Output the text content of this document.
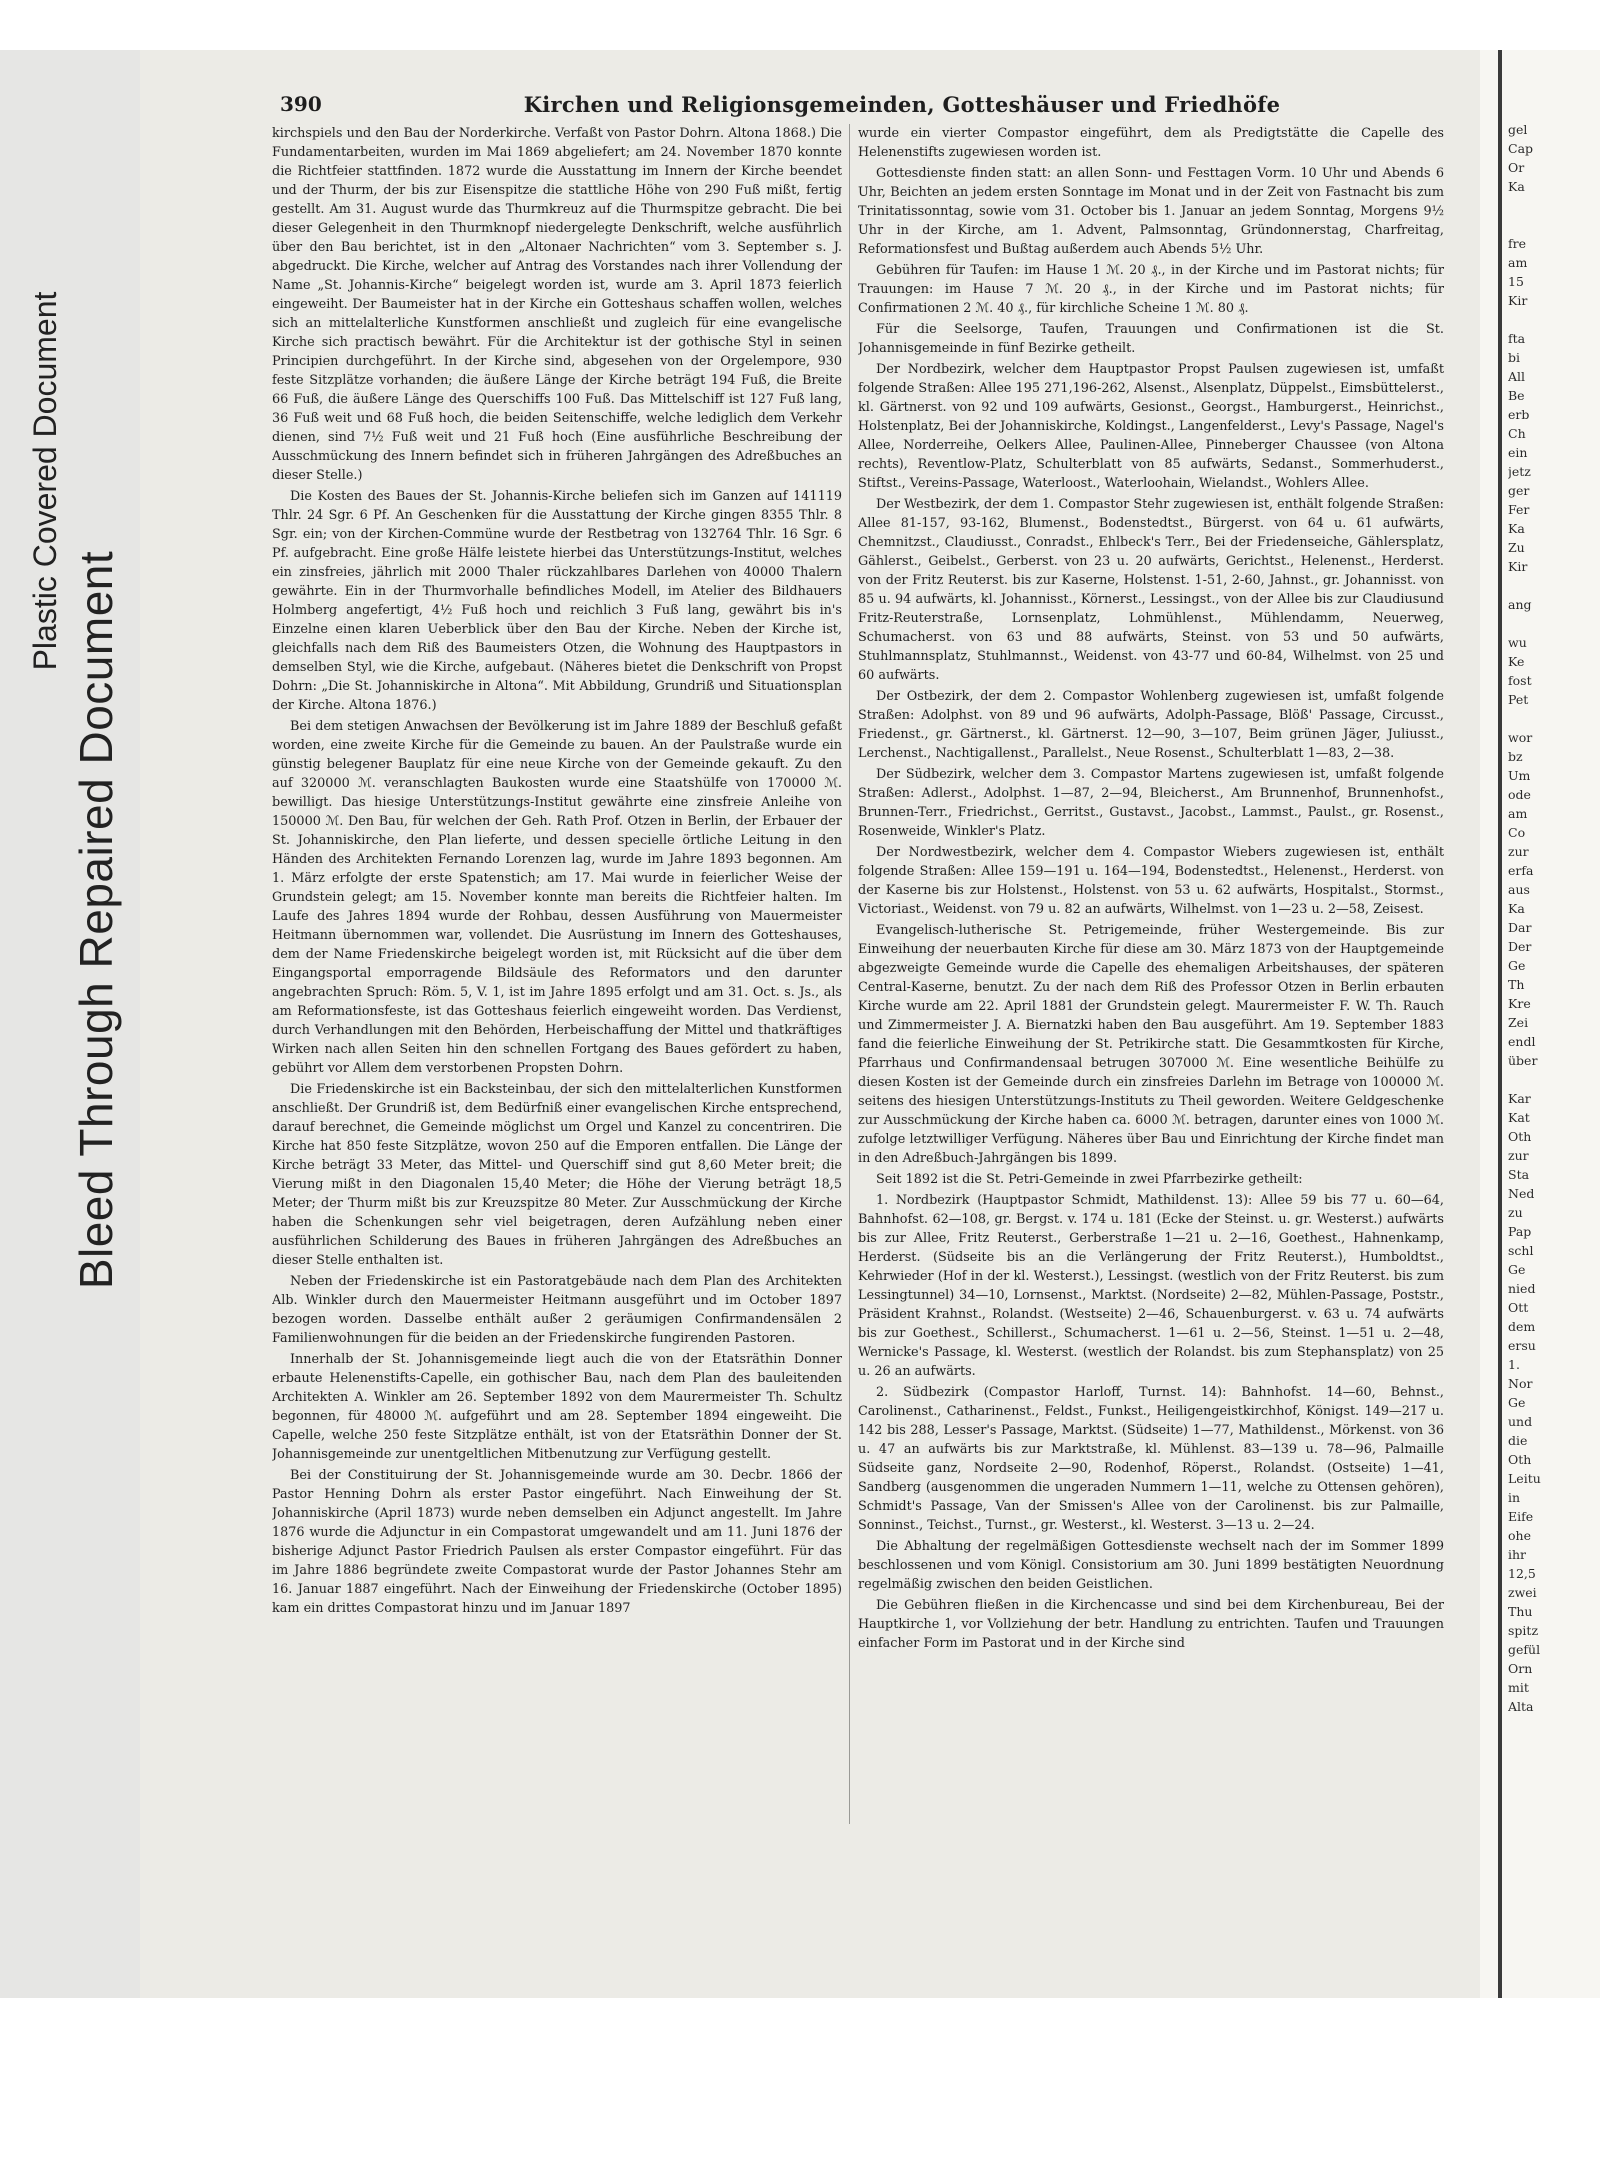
Bleed Through Repaired Document
Plastic Covered Document
390	Kirchen und Religionsgemeinden, Gotteshäuser und Friedhöfe

kirchspiels und den Bau der Norderkirche. Verfaßt von Pastor Dohrn. Altona 1868.) Die Fundamentarbeiten, wurden im Mai 1869 abgeliefert; am 24. November 1870 konnte die Richtfeier stattfinden. 1872 wurde die Ausstattung im Innern der Kirche beendet und der Thurm, der bis zur Eisenspitze die stattliche Höhe von 290 Fuß mißt, fertig gestellt. Am 31. August wurde das Thurmkreuz auf die Thurmspitze gebracht. Die bei dieser Gelegenheit in den Thurmknopf niedergelegte Denkschrift, welche ausführlich über den Bau berichtet, ist in den „Altonaer Nachrichten“ vom 3. September s. J. abgedruckt. Die Kirche, welcher auf Antrag des Vorstandes nach ihrer Vollendung der Name „St. Johannis-Kirche“ beigelegt worden ist, wurde am 3. April 1873 feierlich eingeweiht. Der Baumeister hat in der Kirche ein Gotteshaus schaffen wollen, welches sich an mittelalterliche Kunstformen anschließt und zugleich für eine evangelische Kirche sich practisch bewährt. Für die Architektur ist der gothische Styl in seinen Principien durchgeführt. In der Kirche sind, abgesehen von der Orgelempore, 930 feste Sitzplätze vorhanden; die äußere Länge der Kirche beträgt 194 Fuß, die Breite 66 Fuß, die äußere Länge des Querschiffs 100 Fuß. Das Mittelschiff ist 127 Fuß lang, 36 Fuß weit und 68 Fuß hoch, die beiden Seitenschiffe, welche lediglich dem Verkehr dienen, sind 7½ Fuß weit und 21 Fuß hoch (Eine ausführliche Beschreibung der Ausschmückung des Innern befindet sich in früheren Jahrgängen des Adreßbuches an dieser Stelle.)

Die Kosten des Baues der St. Johannis-Kirche beliefen sich im Ganzen auf 141119 Thlr. 24 Sgr. 6 Pf. An Geschenken für die Ausstattung der Kirche gingen 8355 Thlr. 8 Sgr. ein; von der Kirchen-Commüne wurde der Restbetrag von 132764 Thlr. 16 Sgr. 6 Pf. aufgebracht. Eine große Hälfe leistete hierbei das Unterstützungs-Institut, welches ein zinsfreies, jährlich mit 2000 Thaler rückzahlbares Darlehen von 40000 Thalern gewährte. Ein in der Thurmvorhalle befindliches Modell, im Atelier des Bildhauers Holmberg angefertigt, 4½ Fuß hoch und reichlich 3 Fuß lang, gewährt bis in's Einzelne einen klaren Ueberblick über den Bau der Kirche. Neben der Kirche ist, gleichfalls nach dem Riß des Baumeisters Otzen, die Wohnung des Hauptpastors in demselben Styl, wie die Kirche, aufgebaut. (Näheres bietet die Denkschrift von Propst Dohrn: „Die St. Johanniskirche in Altona“. Mit Abbildung, Grundriß und Situationsplan der Kirche. Altona 1876.)

Bei dem stetigen Anwachsen der Bevölkerung ist im Jahre 1889 der Beschluß gefaßt worden, eine zweite Kirche für die Gemeinde zu bauen. An der Paulstraße wurde ein günstig belegener Bauplatz für eine neue Kirche von der Gemeinde gekauft. Zu den auf 320000 ℳ. veranschlagten Baukosten wurde eine Staatshülfe von 170000 ℳ. bewilligt. Das hiesige Unterstützungs-Institut gewährte eine zinsfreie Anleihe von 150000 ℳ. Den Bau, für welchen der Geh. Rath Prof. Otzen in Berlin, der Erbauer der St. Johanniskirche, den Plan lieferte, und dessen specielle örtliche Leitung in den Händen des Architekten Fernando Lorenzen lag, wurde im Jahre 1893 begonnen. Am 1. März erfolgte der erste Spatenstich; am 17. Mai wurde in feierlicher Weise der Grundstein gelegt; am 15. November konnte man bereits die Richtfeier halten. Im Laufe des Jahres 1894 wurde der Rohbau, dessen Ausführung von Mauermeister Heitmann übernommen war, vollendet. Die Ausrüstung im Innern des Gotteshauses, dem der Name Friedenskirche beigelegt worden ist, mit Rücksicht auf die über dem Eingangsportal emporragende Bildsäule des Reformators und den darunter angebrachten Spruch: Röm. 5, V. 1, ist im Jahre 1895 erfolgt und am 31. Oct. s. Js., als am Reformationsfeste, ist das Gotteshaus feierlich eingeweiht worden. Das Verdienst, durch Verhandlungen mit den Behörden, Herbeischaffung der Mittel und thatkräftiges Wirken nach allen Seiten hin den schnellen Fortgang des Baues gefördert zu haben, gebührt vor Allem dem verstorbenen Propsten Dohrn.

Die Friedenskirche ist ein Backsteinbau, der sich den mittelalterlichen Kunstformen anschließt. Der Grundriß ist, dem Bedürfniß einer evangelischen Kirche entsprechend, darauf berechnet, die Gemeinde möglichst um Orgel und Kanzel zu concentriren. Die Kirche hat 850 feste Sitzplätze, wovon 250 auf die Emporen entfallen. Die Länge der Kirche beträgt 33 Meter, das Mittel- und Querschiff sind gut 8,60 Meter breit; die Vierung mißt in den Diagonalen 15,40 Meter; die Höhe der Vierung beträgt 18,5 Meter; der Thurm mißt bis zur Kreuzspitze 80 Meter. Zur Ausschmückung der Kirche haben die Schenkungen sehr viel beigetragen, deren Aufzählung neben einer ausführlichen Schilderung des Baues in früheren Jahrgängen des Adreßbuches an dieser Stelle enthalten ist.

Neben der Friedenskirche ist ein Pastoratgebäude nach dem Plan des Architekten Alb. Winkler durch den Mauermeister Heitmann ausgeführt und im October 1897 bezogen worden. Dasselbe enthält außer 2 geräumigen Confirmandensälen 2 Familienwohnungen für die beiden an der Friedenskirche fungirenden Pastoren.

Innerhalb der St. Johannisgemeinde liegt auch die von der Etatsräthin Donner erbaute Helenenstifts-Capelle, ein gothischer Bau, nach dem Plan des bauleitenden Architekten A. Winkler am 26. September 1892 von dem Maurermeister Th. Schultz begonnen, für 48000 ℳ. aufgeführt und am 28. September 1894 eingeweiht. Die Capelle, welche 250 feste Sitzplätze enthält, ist von der Etatsräthin Donner der St. Johannisgemeinde zur unentgeltlichen Mitbenutzung zur Verfügung gestellt.

Bei der Constituirung der St. Johannisgemeinde wurde am 30. Decbr. 1866 der Pastor Henning Dohrn als erster Pastor eingeführt. Nach Einweihung der St. Johanniskirche (April 1873) wurde neben demselben ein Adjunct angestellt. Im Jahre 1876 wurde die Adjunctur in ein Compastorat umgewandelt und am 11. Juni 1876 der bisherige Adjunct Pastor Friedrich Paulsen als erster Compastor eingeführt. Für das im Jahre 1886 begründete zweite Compastorat wurde der Pastor Johannes Stehr am 16. Januar 1887 eingeführt. Nach der Einweihung der Friedenskirche (October 1895) kam ein drittes Compastorat hinzu und im Januar 1897

wurde ein vierter Compastor eingeführt, dem als Predigtstätte die Capelle des Helenenstifts zugewiesen worden ist.

Gottesdienste finden statt: an allen Sonn- und Festtagen Vorm. 10 Uhr und Abends 6 Uhr, Beichten an jedem ersten Sonntage im Monat und in der Zeit von Fastnacht bis zum Trinitatissonntag, sowie vom 31. October bis 1. Januar an jedem Sonntag, Morgens 9½ Uhr in der Kirche, am 1. Advent, Palmsonntag, Gründonnerstag, Charfreitag, Reformationsfest und Bußtag außerdem auch Abends 5½ Uhr.

Gebühren für Taufen: im Hause 1 ℳ. 20 ₰., in der Kirche und im Pastorat nichts; für Trauungen: im Hause 7 ℳ. 20 ₰., in der Kirche und im Pastorat nichts; für Confirmationen 2 ℳ. 40 ₰., für kirchliche Scheine 1 ℳ. 80 ₰.

Für die Seelsorge, Taufen, Trauungen und Confirmationen ist die St. Johannisgemeinde in fünf Bezirke getheilt.

Der Nordbezirk, welcher dem Hauptpastor Propst Paulsen zugewiesen ist, umfaßt folgende Straßen: Allee 195 271,196-262, Alsenst., Alsenplatz, Düppelst., Eimsbüttelerst., kl. Gärtnerst. von 92 und 109 aufwärts, Gesionst., Georgst., Hamburgerst., Heinrichst., Holstenplatz, Bei der Johanniskirche, Koldingst., Langenfelderst., Levy's Passage, Nagel's Allee, Norderreihe, Oelkers Allee, Paulinen-Allee, Pinneberger Chaussee (von Altona rechts), Reventlow-Platz, Schulterblatt von 85 aufwärts, Sedanst., Sommerhuderst., Stiftst., Vereins-Passage, Waterloost., Waterloohain, Wielandst., Wohlers Allee.

Der Westbezirk, der dem 1. Compastor Stehr zugewiesen ist, enthält folgende Straßen: Allee 81-157, 93-162, Blumenst., Bodenstedtst., Bürgerst. von 64 u. 61 aufwärts, Chemnitzst., Claudiusst., Conradst., Ehlbeck's Terr., Bei der Friedenseiche, Gählersplatz, Gählerst., Geibelst., Gerberst. von 23 u. 20 aufwärts, Gerichtst., Helenenst., Herderst. von der Fritz Reuterst. bis zur Kaserne, Holstenst. 1-51, 2-60, Jahnst., gr. Johannisst. von 85 u. 94 aufwärts, kl. Johannisst., Körnerst., Lessingst., von der Allee bis zur Claudiusund Fritz-Reuterstraße, Lornsenplatz, Lohmühlenst., Mühlendamm, Neuerweg, Schumacherst. von 63 und 88 aufwärts, Steinst. von 53 und 50 aufwärts, Stuhlmannsplatz, Stuhlmannst., Weidenst. von 43-77 und 60-84, Wilhelmst. von 25 und 60 aufwärts.

Der Ostbezirk, der dem 2. Compastor Wohlenberg zugewiesen ist, umfaßt folgende Straßen: Adolphst. von 89 und 96 aufwärts, Adolph-Passage, Blöß' Passage, Circusst., Friedenst., gr. Gärtnerst., kl. Gärtnerst. 12—90, 3—107, Beim grünen Jäger, Juliusst., Lerchenst., Nachtigallenst., Parallelst., Neue Rosenst., Schulterblatt 1—83, 2—38.

Der Südbezirk, welcher dem 3. Compastor Martens zugewiesen ist, umfaßt folgende Straßen: Adlerst., Adolphst. 1—87, 2—94, Bleicherst., Am Brunnenhof, Brunnenhofst., Brunnen-Terr., Friedrichst., Gerritst., Gustavst., Jacobst., Lammst., Paulst., gr. Rosenst., Rosenweide, Winkler's Platz.

Der Nordwestbezirk, welcher dem 4. Compastor Wiebers zugewiesen ist, enthält folgende Straßen: Allee 159—191 u. 164—194, Bodenstedtst., Helenenst., Herderst. von der Kaserne bis zur Holstenst., Holstenst. von 53 u. 62 aufwärts, Hospitalst., Stormst., Victoriast., Weidenst. von 79 u. 82 an aufwärts, Wilhelmst. von 1—23 u. 2—58, Zeisest.

Evangelisch-lutherische St. Petrigemeinde, früher Westergemeinde. Bis zur Einweihung der neuerbauten Kirche für diese am 30. März 1873 von der Hauptgemeinde abgezweigte Gemeinde wurde die Capelle des ehemaligen Arbeitshauses, der späteren Central-Kaserne, benutzt. Zu der nach dem Riß des Professor Otzen in Berlin erbauten Kirche wurde am 22. April 1881 der Grundstein gelegt. Maurermeister F. W. Th. Rauch und Zimmermeister J. A. Biernatzki haben den Bau ausgeführt. Am 19. September 1883 fand die feierliche Einweihung der St. Petrikirche statt. Die Gesammtkosten für Kirche, Pfarrhaus und Confirmandensaal betrugen 307000 ℳ. Eine wesentliche Beihülfe zu diesen Kosten ist der Gemeinde durch ein zinsfreies Darlehn im Betrage von 100000 ℳ. seitens des hiesigen Unterstützungs-Instituts zu Theil geworden. Weitere Geldgeschenke zur Ausschmückung der Kirche haben ca. 6000 ℳ. betragen, darunter eines von 1000 ℳ. zufolge letztwilliger Verfügung. Näheres über Bau und Einrichtung der Kirche findet man in den Adreßbuch-Jahrgängen bis 1899.

Seit 1892 ist die St. Petri-Gemeinde in zwei Pfarrbezirke getheilt:

1. Nordbezirk (Hauptpastor Schmidt, Mathildenst. 13): Allee 59 bis 77 u. 60—64, Bahnhofst. 62—108, gr. Bergst. v. 174 u. 181 (Ecke der Steinst. u. gr. Westerst.) aufwärts bis zur Allee, Fritz Reuterst., Gerberstraße 1—21 u. 2—16, Goethest., Hahnenkamp, Herderst. (Südseite bis an die Verlängerung der Fritz Reuterst.), Humboldtst., Kehrwieder (Hof in der kl. Westerst.), Lessingst. (westlich von der Fritz Reuterst. bis zum Lessingtunnel) 34—10, Lornsenst., Marktst. (Nordseite) 2—82, Mühlen-Passage, Poststr., Präsident Krahnst., Rolandst. (Westseite) 2—46, Schauenburgerst. v. 63 u. 74 aufwärts bis zur Goethest., Schillerst., Schumacherst. 1—61 u. 2—56, Steinst. 1—51 u. 2—48, Wernicke's Passage, kl. Westerst. (westlich der Rolandst. bis zum Stephansplatz) von 25 u. 26 an aufwärts.

2. Südbezirk (Compastor Harloff, Turnst. 14): Bahnhofst. 14—60, Behnst., Carolinenst., Catharinenst., Feldst., Funkst., Heiligengeistkirchhof, Königst. 149—217 u. 142 bis 288, Lesser's Passage, Marktst. (Südseite) 1—77, Mathildenst., Mörkenst. von 36 u. 47 an aufwärts bis zur Marktstraße, kl. Mühlenst. 83—139 u. 78—96, Palmaille Südseite ganz, Nordseite 2—90, Rodenhof, Röperst., Rolandst. (Ostseite) 1—41, Sandberg (ausgenommen die ungeraden Nummern 1—11, welche zu Ottensen gehören), Schmidt's Passage, Van der Smissen's Allee von der Carolinenst. bis zur Palmaille, Sonninst., Teichst., Turnst., gr. Westerst., kl. Westerst. 3—13 u. 2—24.

Die Abhaltung der regelmäßigen Gottesdienste wechselt nach der im Sommer 1899 beschlossenen und vom Königl. Consistorium am 30. Juni 1899 bestätigten Neuordnung regelmäßig zwischen den beiden Geistlichen.

Die Gebühren fließen in die Kirchencasse und sind bei dem Kirchenbureau, Bei der Hauptkirche 1, vor Vollziehung der betr. Handlung zu entrichten. Taufen und Trauungen einfacher Form im Pastorat und in der Kirche sind

gel
Cap
Or
Ka
fre
am
15
Kir
fta
bi
All
Be
erb
Ch
ein
jetz
ger
Fer
Ka
Zu
Kir
ang
wu
Ke
fost
Pet
wor
bz
Um
ode
am
Co
zur
erfa
aus
Ka
Dar
Der
Ge
Th
Kre
Zei
endl
über
Kar
Kat
Oth
zur
Sta
Ned
zu
Pap
schl
Ge
nied
Ott
dem
ersu
1.
Nor
Ge
und
die
Oth
Leitu
in
Eife
ohe
ihr
12,5
zwei
Thu
spitz
gefül
Orn
mit
Alta
